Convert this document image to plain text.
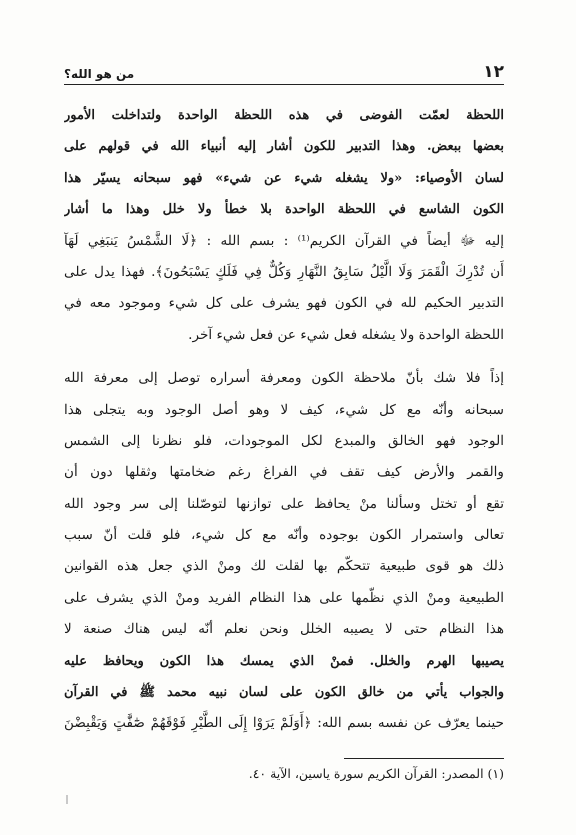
١٢
من هو الله؟
اللحظة لعمّت الفوضى في هذه اللحظة الواحدة ولتداخلت الأمور
بعضها ببعض. وهذا التدبير للكون أشار إليه أنبياء الله في قولهم على
لسان الأوصياء: «ولا يشغله شيء عن شيء» فهو سبحانه يسيّر هذا
الكون الشاسع في اللحظة الواحدة بلا خطأ ولا خلل وهذا ما أشار
إليه ﷻ أيضاً في القرآن الكريم⁽¹⁾ : بسم الله : ﴿لَا الشَّمْسُ يَنبَغِي لَهَآ
أَن تُدْرِكَ الْقَمَرَ وَلَا الَّيْلُ سَابِقُ النَّهَارِ وَكُلٌّ فِي فَلَكٍ يَسْبَحُونَ﴾. فهذا يدل على
التدبير الحكيم لله في الكون فهو يشرف على كل شيء وموجود معه في
اللحظة الواحدة ولا يشغله فعل شيء عن فعل شيء آخر.
إذاً فلا شك بأنّ ملاحظة الكون ومعرفة أسراره توصل إلى معرفة الله
سبحانه وأنّه مع كل شيء، كيف لا وهو أصل الوجود وبه يتجلى هذا
الوجود فهو الخالق والمبدع لكل الموجودات، فلو نظرنا إلى الشمس
والقمر والأرض كيف تقف في الفراغ رغم ضخامتها وثقلها دون أن
تقع أو تختل وسألنا منْ يحافظ على توازنها لتوصّلنا إلى سر وجود الله
تعالى واستمرار الكون بوجوده وأنّه مع كل شيء، فلو قلت أنّ سبب
ذلك هو قوى طبيعية تتحكّم بها لقلت لك ومنْ الذي جعل هذه القوانين
الطبيعية ومنْ الذي نظّمها على هذا النظام الفريد ومنْ الذي يشرف على
هذا النظام حتى لا يصيبه الخلل ونحن نعلم أنّه ليس هناك صنعة لا
يصيبها الهرم والخلل. فمنْ الذي يمسك هذا الكون ويحافظ عليه
والجواب يأتي من خالق الكون على لسان نبيه محمد ﷺ في القرآن
حينما يعرّف عن نفسه بسم الله: ﴿أَوَلَمْ يَرَوْا إِلَى الطَّيْرِ فَوْقَهُمْ صَٰٓفَّٰتٍ وَيَقْبِضْنَ
(١) المصدر: القرآن الكريم سورة ياسين، الآية ٤٠.
